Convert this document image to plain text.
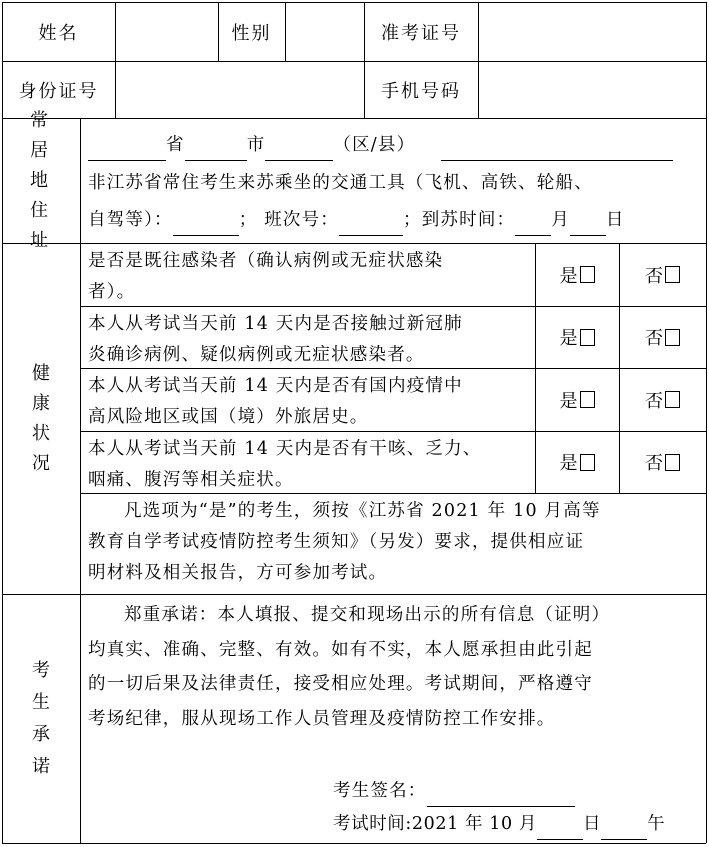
姓名	性别	准考证号
身份证号	手机号码
常居地住址
省	市	（区/县）
非江苏省常住考生来苏乘坐的交通工具（飞机、高铁、轮船、
自驾等）：	； 班次号：	；到苏时间： 月 日
健康状况
是否是既往感染者（确认病例或无症状感染
者）。
是	否
本人从考试当天前 14 天内是否接触过新冠肺
炎确诊病例、疑似病例或无症状感染者。
是	否
本人从考试当天前 14 天内是否有国内疫情中
高风险地区或国（境）外旅居史。
是	否
本人从考试当天前 14 天内是否有干咳、乏力、
咽痛、腹泻等相关症状。
是	否
凡选项为“是”的考生，须按《江苏省 2021 年 10 月高等
教育自学考试疫情防控考生须知》（另发）要求，提供相应证
明材料及相关报告，方可参加考试。
考生承诺
郑重承诺：本人填报、提交和现场出示的所有信息（证明）
均真实、准确、完整、有效。如有不实，本人愿承担由此引起
的一切后果及法律责任，接受相应处理。考试期间，严格遵守
考场纪律，服从现场工作人员管理及疫情防控工作安排。
考生签名：
考试时间:2021 年 10 月	日	午
